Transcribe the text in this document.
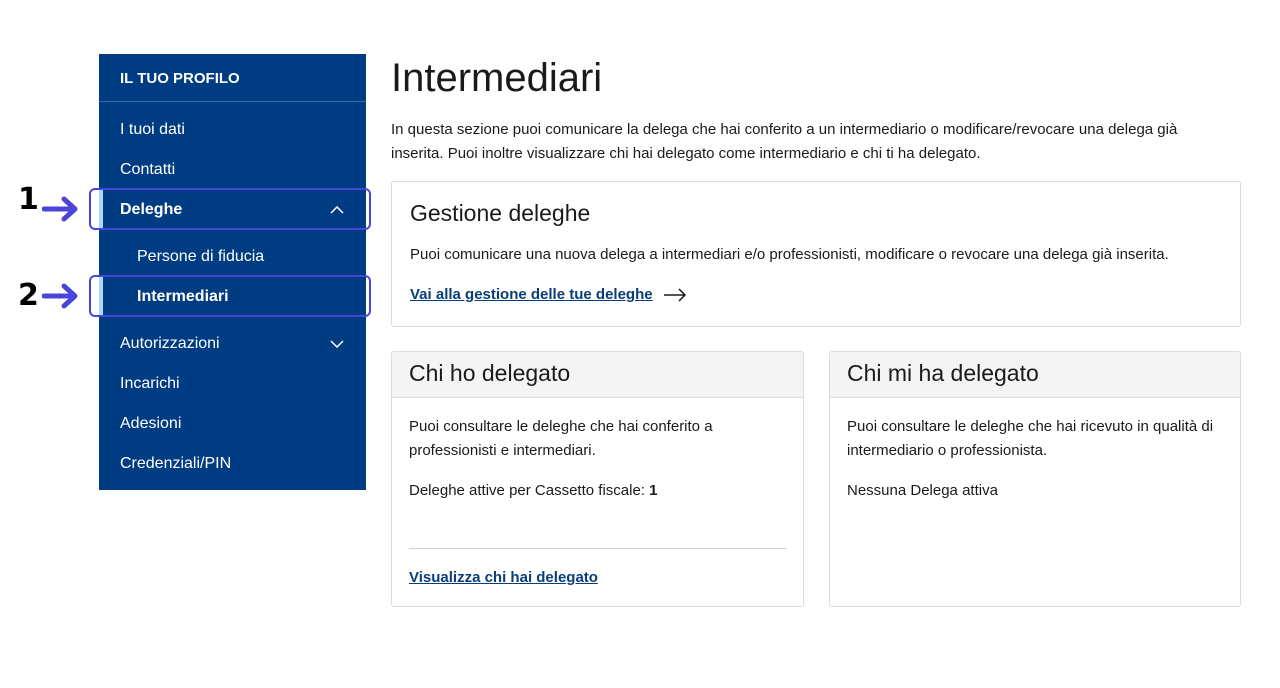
IL TUO PROFILO
I tuoi dati
Contatti
Deleghe
Persone di fiducia
Intermediari
Autorizzazioni
Incarichi
Adesioni
Credenziali/PIN
1
2
Intermediari

In questa sezione puoi comunicare la delega che hai conferito a un intermediario o modificare/revocare una delega già inserita. Puoi inoltre visualizzare chi hai delegato come intermediario e chi ti ha delegato.

Gestione deleghe

Puoi comunicare una nuova delega a intermediari e/o professionisti, modificare o revocare una delega già inserita.

Vai alla gestione delle tue deleghe
Chi ho delegato

Puoi consultare le deleghe che hai conferito a professionisti e intermediari.

Deleghe attive per Cassetto fiscale: 1

Visualizza chi hai delegato
Chi mi ha delegato

Puoi consultare le deleghe che hai ricevuto in qualità di intermediario o professionista.

Nessuna Delega attiva
